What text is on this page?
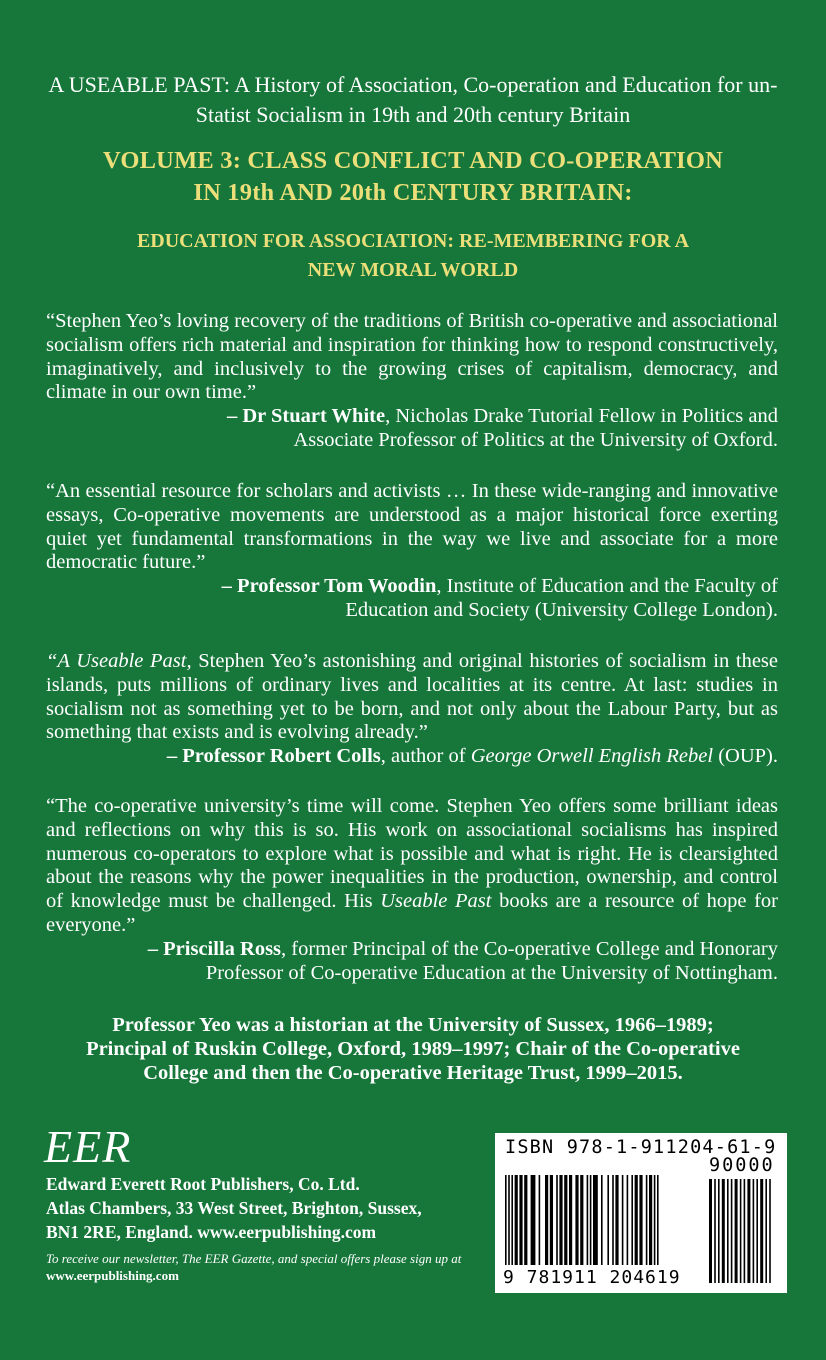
A USEABLE PAST: A History of Association, Co-operation and Education for un-Statist Socialism in 19th and 20th century Britain
VOLUME 3: CLASS CONFLICT AND CO-OPERATION
IN 19th AND 20th CENTURY BRITAIN:
EDUCATION FOR ASSOCIATION: RE-MEMBERING FOR A
NEW MORAL WORLD
“Stephen Yeo’s loving recovery of the traditions of British co-operative and associational socialism offers rich material and inspiration for thinking how to respond constructively, imaginatively, and inclusively to the growing crises of capitalism, democracy, and climate in our own time.”

– Dr Stuart White, Nicholas Drake Tutorial Fellow in Politics and
Associate Professor of Politics at the University of Oxford.

“An essential resource for scholars and activists … In these wide-ranging and innovative essays, Co-operative movements are understood as a major historical force exerting quiet yet fundamental transformations in the way we live and associate for a more democratic future.”

– Professor Tom Woodin, Institute of Education and the Faculty of
Education and Society (University College London).

“A Useable Past, Stephen Yeo’s astonishing and original histories of socialism in these islands, puts millions of ordinary lives and localities at its centre. At last: studies in socialism not as something yet to be born, and not only about the Labour Party, but as something that exists and is evolving already.”

– Professor Robert Colls, author of George Orwell English Rebel (OUP).

“The co-operative university’s time will come. Stephen Yeo offers some brilliant ideas and reflections on why this is so. His work on associational socialisms has inspired numerous co-operators to explore what is possible and what is right. He is clearsighted about the reasons why the power inequalities in the production, ownership, and control of knowledge must be challenged. His Useable Past books are a resource of hope for everyone.”

– Priscilla Ross, former Principal of the Co-operative College and Honorary
Professor of Co-operative Education at the University of Nottingham.

Professor Yeo was a historian at the University of Sussex, 1966–1989;
Principal of Ruskin College, Oxford, 1989–1997; Chair of the Co-operative
College and then the Co-operative Heritage Trust, 1999–2015.
EER
Edward Everett Root Publishers, Co. Ltd.
Atlas Chambers, 33 West Street, Brighton, Sussex,
BN1 2RE, England. www.eerpublishing.com
To receive our newsletter, The EER Gazette, and special offers please sign up at www.eerpublishing.com
ISBN 978-1-911204-61-9
90000
9 781911 204619
